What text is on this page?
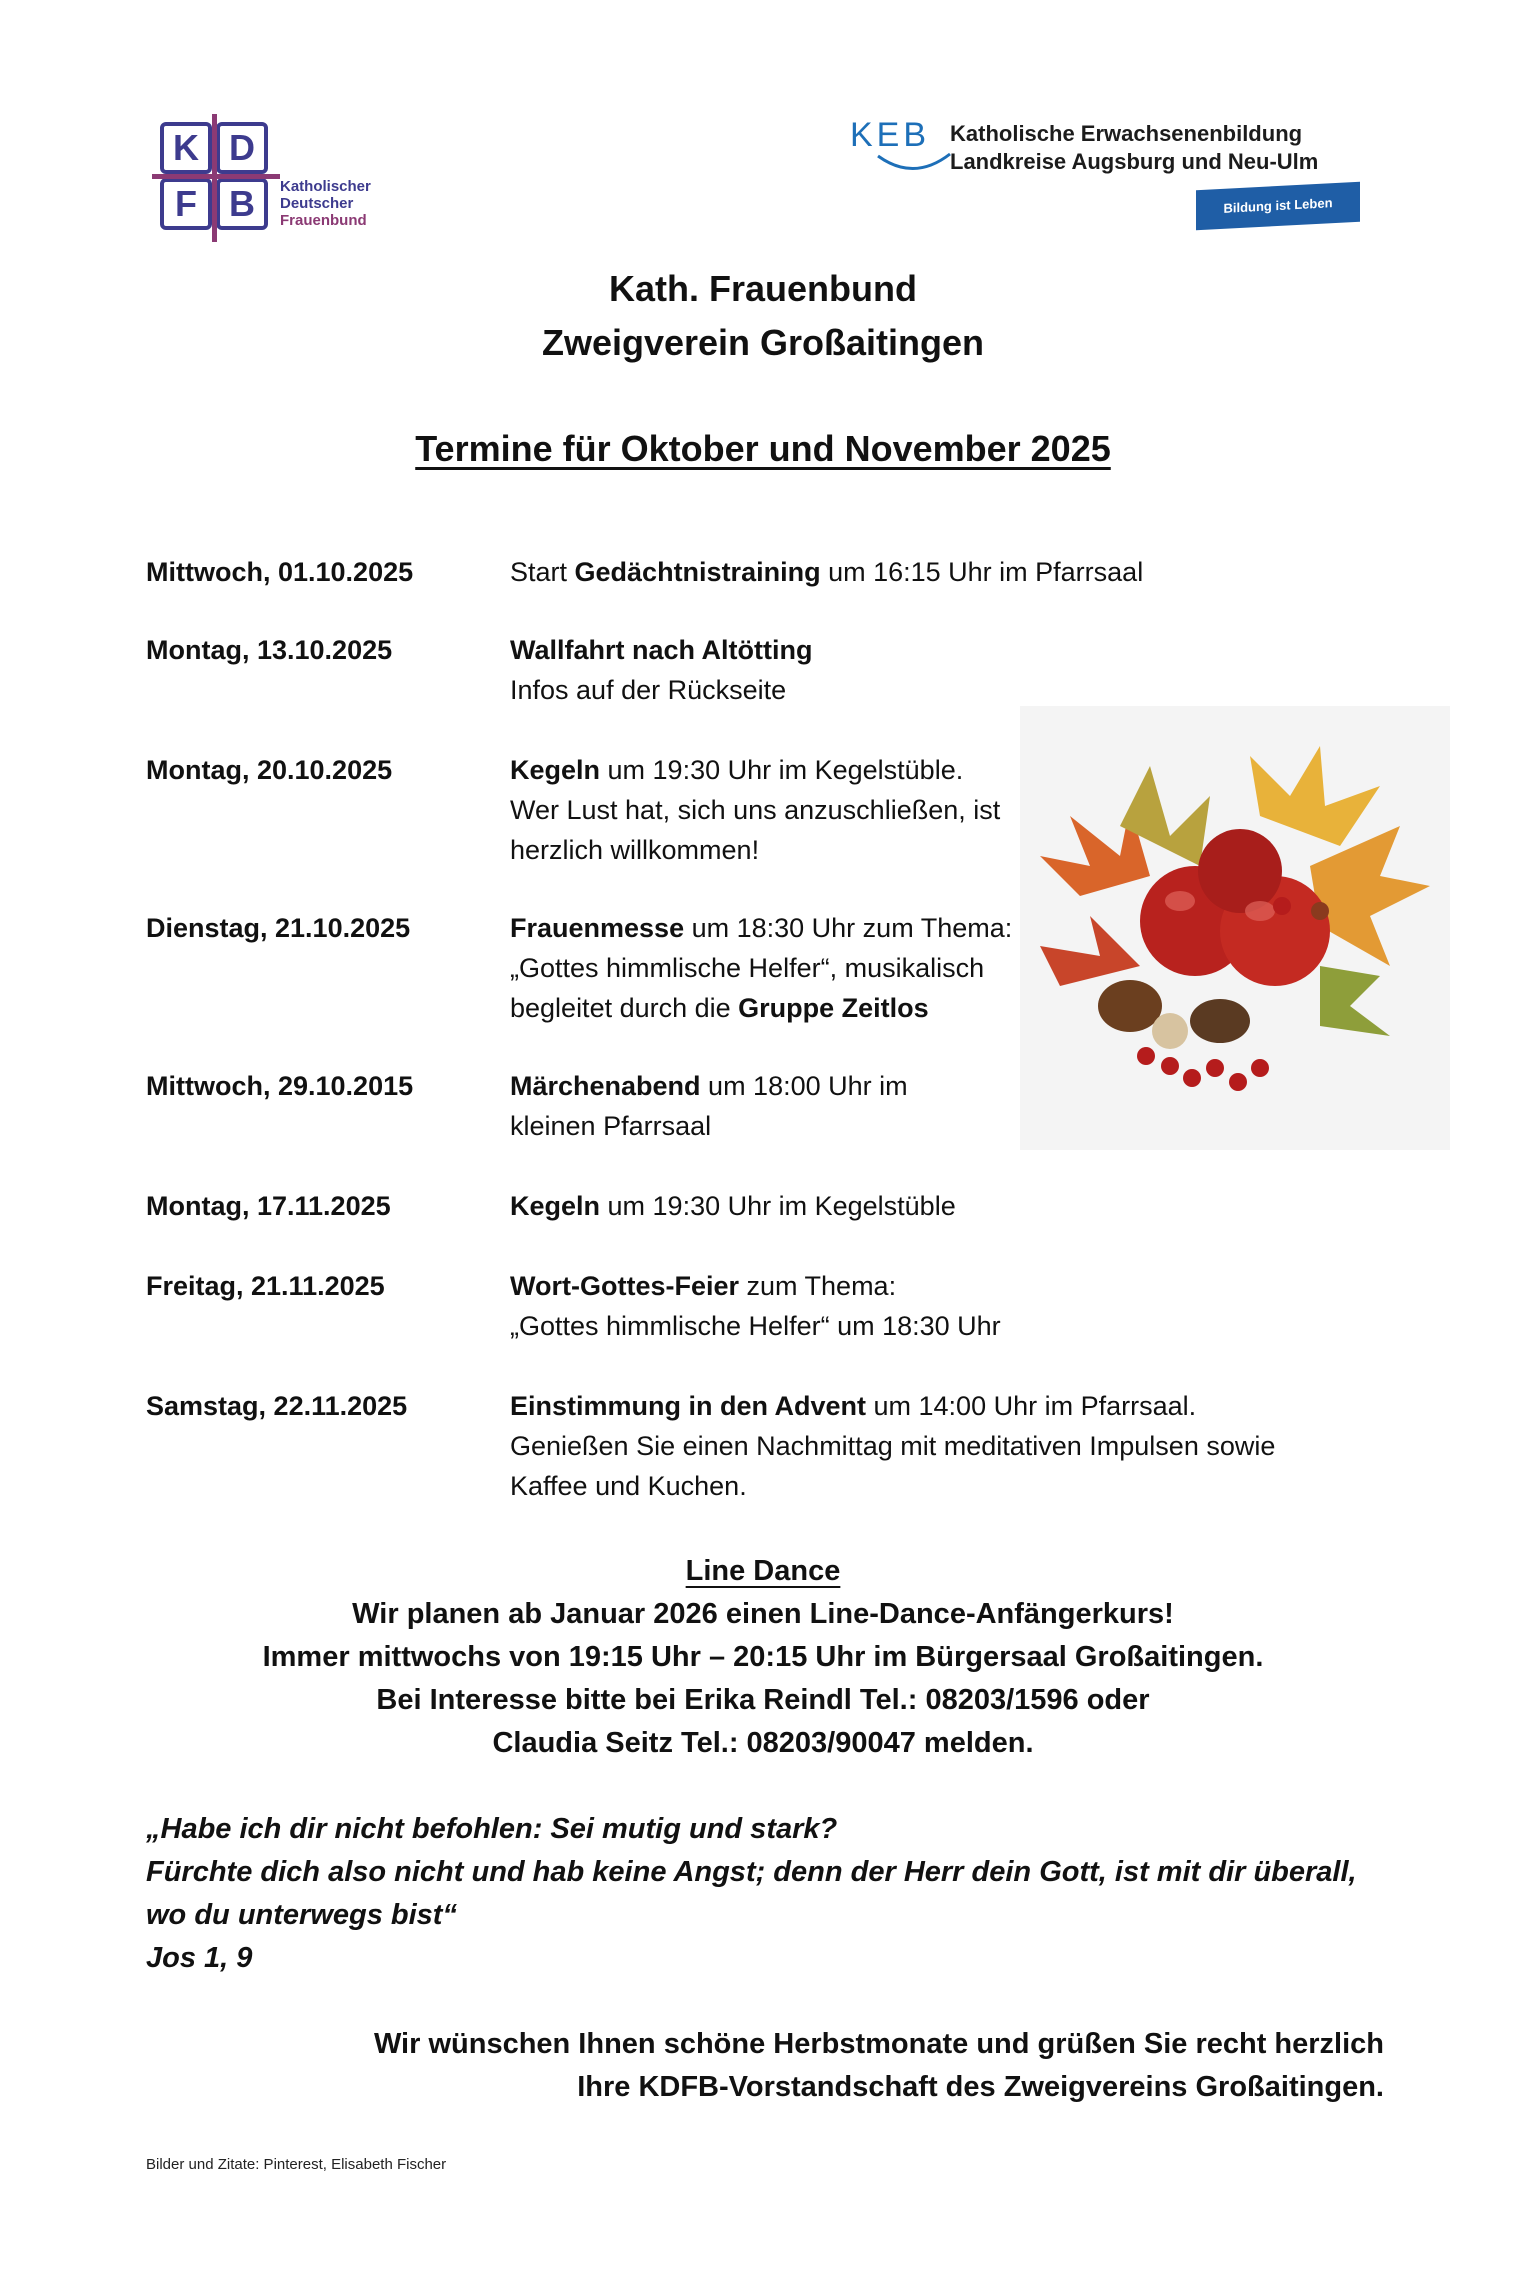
K D
F B	Katholischer
Deutscher
Frauenbund
KEB Katholische Erwachsenenbildung
Landkreise Augsburg und Neu-Ulm
Bildung ist Leben
Kath. Frauenbund
Zweigverein Großaitingen
Termine für Oktober und November 2025
Mittwoch, 01.10.2025	Start Gedächtnistraining um 16:15 Uhr im Pfarrsaal
Montag, 13.10.2025	Wallfahrt nach Altötting
Infos auf der Rückseite
Montag, 20.10.2025	Kegeln um 19:30 Uhr im Kegelstüble.
Wer Lust hat, sich uns anzuschließen, ist
herzlich willkommen!
Dienstag, 21.10.2025	Frauenmesse um 18:30 Uhr zum Thema:
„Gottes himmlische Helfer“, musikalisch
begleitet durch die Gruppe Zeitlos
Mittwoch, 29.10.2015	Märchenabend um 18:00 Uhr im
kleinen Pfarrsaal
Montag, 17.11.2025	Kegeln um 19:30 Uhr im Kegelstüble
Freitag, 21.11.2025	Wort-Gottes-Feier zum Thema:
„Gottes himmlische Helfer“ um 18:30 Uhr
Samstag, 22.11.2025	Einstimmung in den Advent um 14:00 Uhr im Pfarrsaal.
Genießen Sie einen Nachmittag mit meditativen Impulsen sowie
Kaffee und Kuchen.
Line Dance
Wir planen ab Januar 2026 einen Line-Dance-Anfängerkurs!
Immer mittwochs von 19:15 Uhr – 20:15 Uhr im Bürgersaal Großaitingen.
Bei Interesse bitte bei Erika Reindl Tel.: 08203/1596 oder
Claudia Seitz Tel.: 08203/90047 melden.
„Habe ich dir nicht befohlen: Sei mutig und stark?
Fürchte dich also nicht und hab keine Angst; denn der Herr dein Gott, ist mit dir überall,
wo du unterwegs bist“
Jos 1, 9
Wir wünschen Ihnen schöne Herbstmonate und grüßen Sie recht herzlich
Ihre KDFB-Vorstandschaft des Zweigvereins Großaitingen.
Bilder und Zitate: Pinterest, Elisabeth Fischer
